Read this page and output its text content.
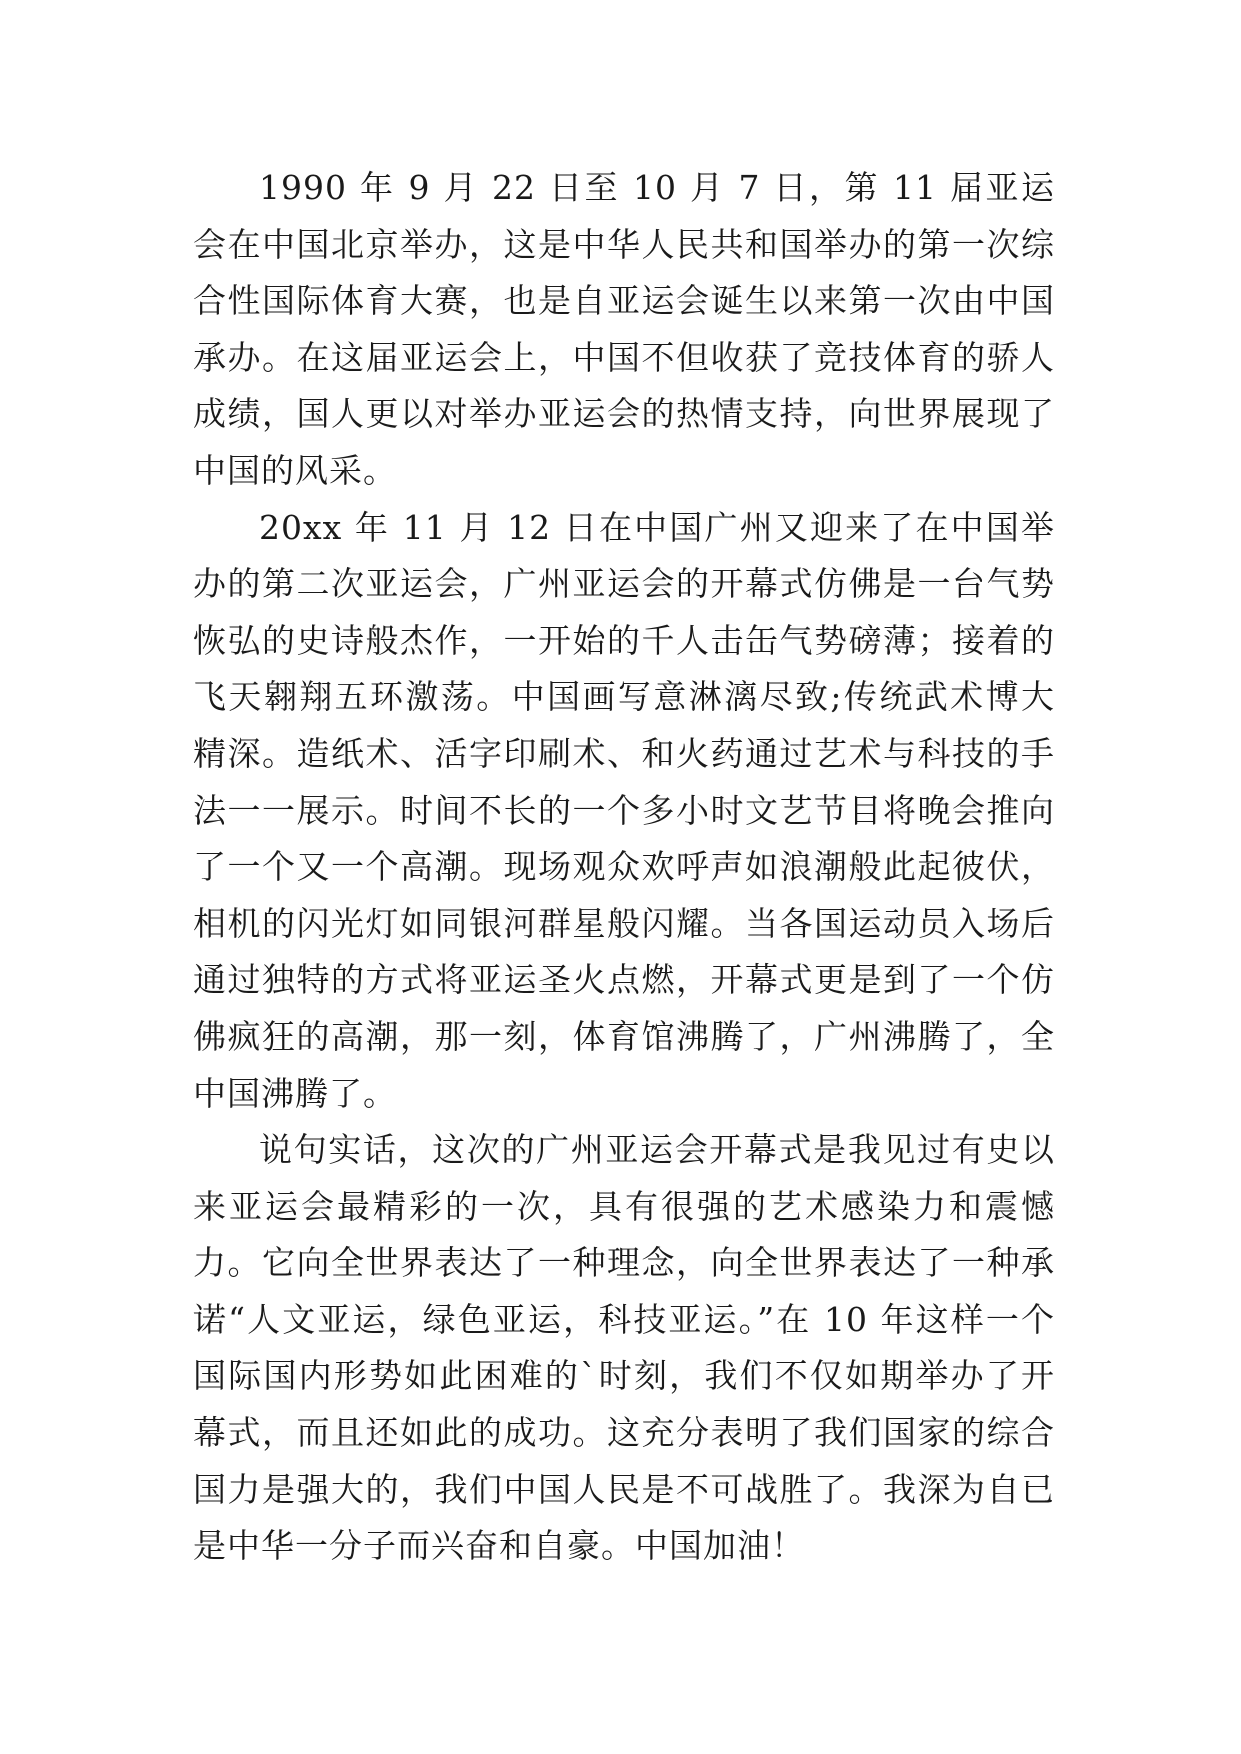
1990 年 9 月 22 日至 10 月 7 日，第 11 届亚运会在中国北京举办，这是中华人民共和国举办的第一次综合性国际体育大赛，也是自亚运会诞生以来第一次由中国承办。在这届亚运会上，中国不但收获了竞技体育的骄人成绩，国人更以对举办亚运会的热情支持，向世界展现了中国的风采。

20xx 年 11 月 12 日在中国广州又迎来了在中国举办的第二次亚运会，广州亚运会的开幕式仿佛是一台气势恢弘的史诗般杰作，一开始的千人击缶气势磅薄；接着的飞天翱翔五环激荡。中国画写意淋漓尽致;传统武术博大精深。造纸术、活字印刷术、和火药通过艺术与科技的手法一一展示。时间不长的一个多小时文艺节目将晚会推向了一个又一个高潮。现场观众欢呼声如浪潮般此起彼伏，相机的闪光灯如同银河群星般闪耀。当各国运动员入场后通过独特的方式将亚运圣火点燃，开幕式更是到了一个仿佛疯狂的高潮，那一刻，体育馆沸腾了，广州沸腾了，全中国沸腾了。

说句实话，这次的广州亚运会开幕式是我见过有史以来亚运会最精彩的一次，具有很强的艺术感染力和震憾力。它向全世界表达了一种理念，向全世界表达了一种承诺“人文亚运，绿色亚运，科技亚运。”在 10 年这样一个国际国内形势如此困难的`时刻，我们不仅如期举办了开幕式，而且还如此的成功。这充分表明了我们国家的综合国力是强大的，我们中国人民是不可战胜了。我深为自已是中华一分子而兴奋和自豪。中国加油！
